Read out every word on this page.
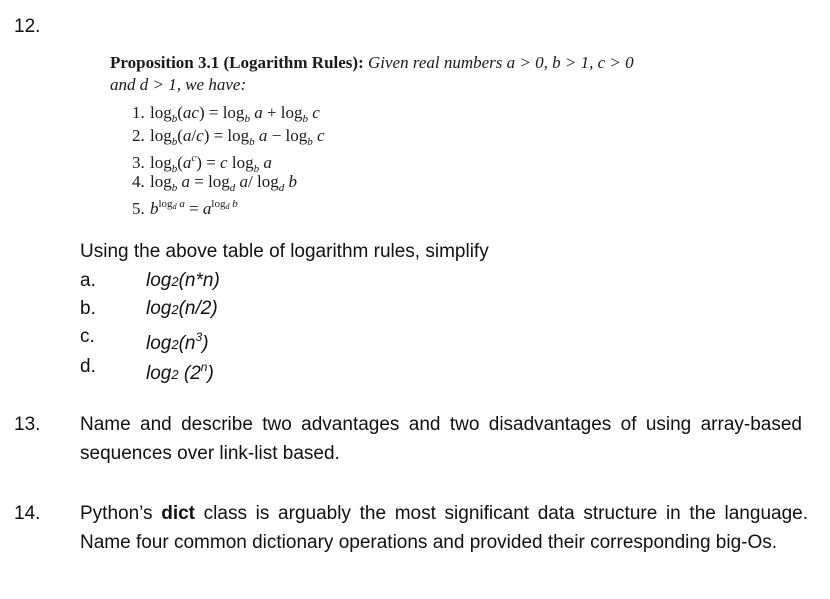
12.
Proposition 3.1 (Logarithm Rules): Given real numbers a > 0, b > 1, c > 0
and d > 1, we have:
1. $\log_b(ac) = \log_b a + \log_b c$
2. $\log_b(a/c) = \log_b a - \log_b c$
3. $\log_b(a^c) = c$ $\log_b a$
4. $\log_b a = \log_d a/$ $\log_d b$
5. $b^{logd a} = a^{logd b}$
Using the above table of logarithm rules, simplify
a.	log2(n*n)
b.	log2(n/2)
c.	$\log 2(n^3)$
d.	log2 (2$^n$)
13. Name and describe two advantages and two disadvantages of using array-based sequences over link-list based.
14. Python’s dict class is arguably the most significant data structure in the language. Name four common dictionary operations and provided their corresponding big-Os.
